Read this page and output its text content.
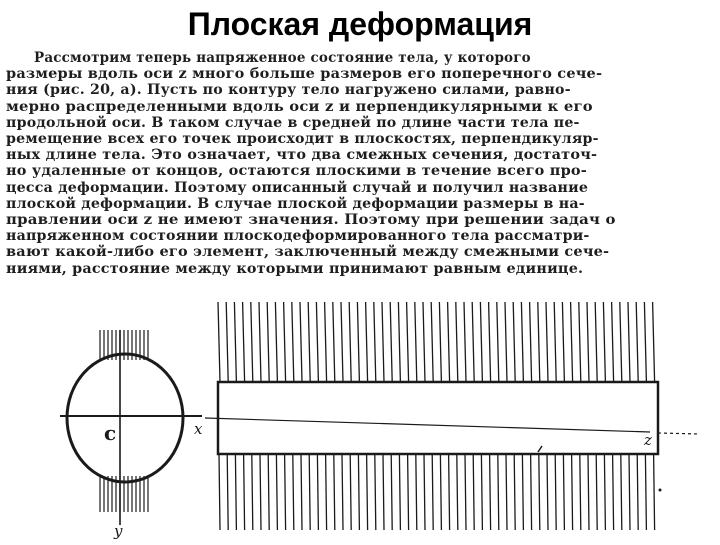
Плоская деформация
Рассмотрим теперь напряженное состояние тела, у которого
размеры вдоль оси z много больше размеров его поперечного сече-
ния (рис. 20, а). Пусть по контуру тело нагружено силами, равно-
мерно распределенными вдоль оси z и перпендикулярными к его
продольной оси. В таком случае в средней по длине части тела пе-
ремещение всех его точек происходит в плоскостях, перпендикуляр-
ных длине тела. Это означает, что два смежных сечения, достаточ-
но удаленные от концов, остаются плоскими в течение всего про-
цесса деформации. Поэтому описанный случай и получил название
плоской деформации. В случае плоской деформации размеры в на-
правлении оси z не имеют значения. Поэтому при решении задач о
напряженном состоянии плоскодеформированного тела рассматри-
вают какой-либо его элемент, заключенный между смежными сече-
ниями, расстояние между которыми принимают равным единице.
с	x
y
z
